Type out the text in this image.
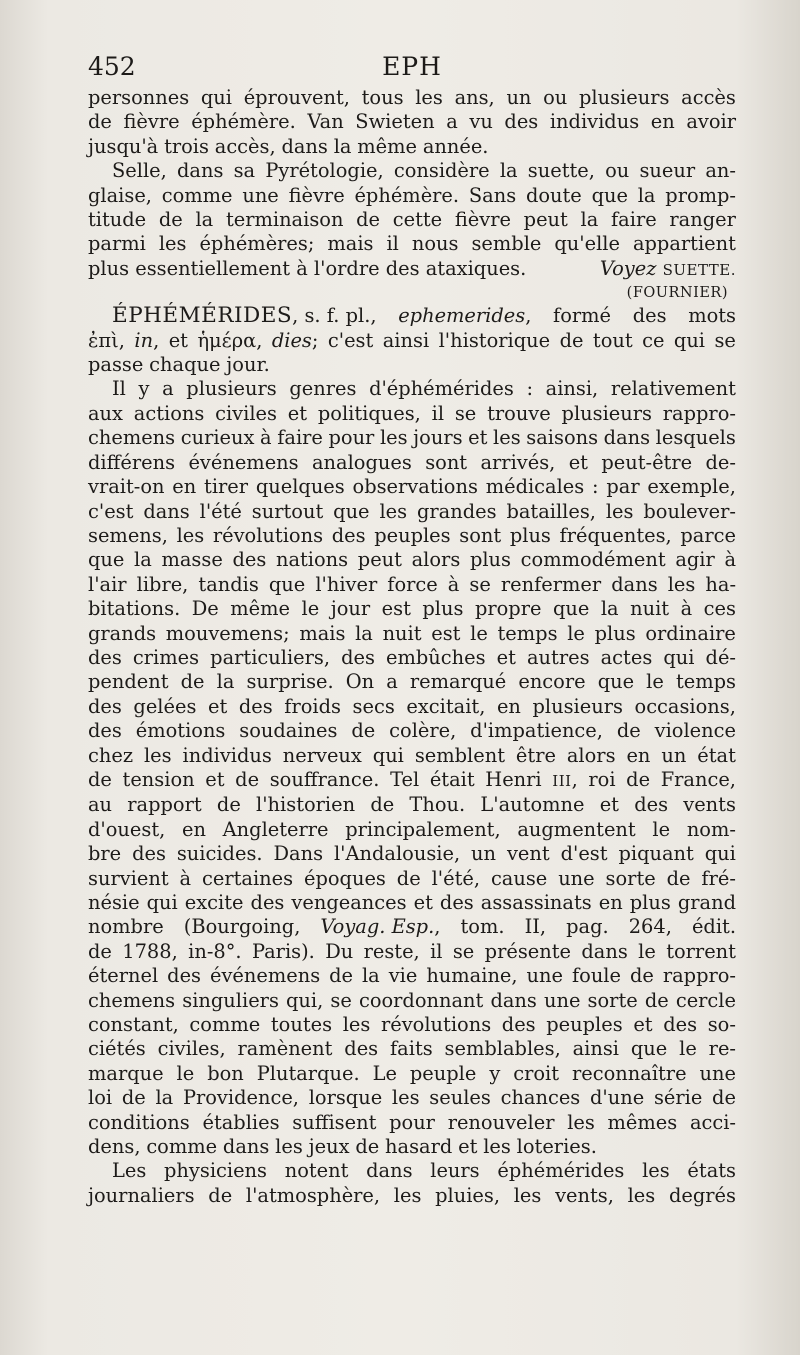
452	EPH
personnes qui éprouvent, tous les ans, un ou plusieurs accès
de fièvre éphémère. Van Swieten a vu des individus en avoir
jusqu'à trois accès, dans la même année.
Selle, dans sa Pyrétologie, considère la suette, ou sueur an-
glaise, comme une fièvre éphémère. Sans doute que la promp-
titude de la terminaison de cette fièvre peut la faire ranger
parmi les éphémères; mais il nous semble qu'elle appartient
plus essentiellement à l'ordre des ataxiques.	Voyez SUETTE.
(FOURNIER)
ÉPHÉMÉRIDES, s. f. pl., ephemerides, formé des mots
ἐπὶ, in, et ἡμέρα, dies; c'est ainsi l'historique de tout ce qui se
passe chaque jour.
Il y a plusieurs genres d'éphémérides : ainsi, relativement
aux actions civiles et politiques, il se trouve plusieurs rappro-
chemens curieux à faire pour les jours et les saisons dans lesquels
différens événemens analogues sont arrivés, et peut-être de-
vrait-on en tirer quelques observations médicales : par exemple,
c'est dans l'été surtout que les grandes batailles, les boulever-
semens, les révolutions des peuples sont plus fréquentes, parce
que la masse des nations peut alors plus commodément agir à
l'air libre, tandis que l'hiver force à se renfermer dans les ha-
bitations. De même le jour est plus propre que la nuit à ces
grands mouvemens; mais la nuit est le temps le plus ordinaire
des crimes particuliers, des embûches et autres actes qui dé-
pendent de la surprise. On a remarqué encore que le temps
des gelées et des froids secs excitait, en plusieurs occasions,
des émotions soudaines de colère, d'impatience, de violence
chez les individus nerveux qui semblent être alors en un état
de tension et de souffrance. Tel était Henri III, roi de France,
au rapport de l'historien de Thou. L'automne et des vents
d'ouest, en Angleterre principalement, augmentent le nom-
bre des suicides. Dans l'Andalousie, un vent d'est piquant qui
survient à certaines époques de l'été, cause une sorte de fré-
nésie qui excite des vengeances et des assassinats en plus grand
nombre (Bourgoing, Voyag. Esp., tom. II, pag. 264, édit.
de 1788, in-8°. Paris). Du reste, il se présente dans le torrent
éternel des événemens de la vie humaine, une foule de rappro-
chemens singuliers qui, se coordonnant dans une sorte de cercle
constant, comme toutes les révolutions des peuples et des so-
ciétés civiles, ramènent des faits semblables, ainsi que le re-
marque le bon Plutarque. Le peuple y croit reconnaître une
loi de la Providence, lorsque les seules chances d'une série de
conditions établies suffisent pour renouveler les mêmes acci-
dens, comme dans les jeux de hasard et les loteries.
Les physiciens notent dans leurs éphémérides les états
journaliers de l'atmosphère, les pluies, les vents, les degrés
